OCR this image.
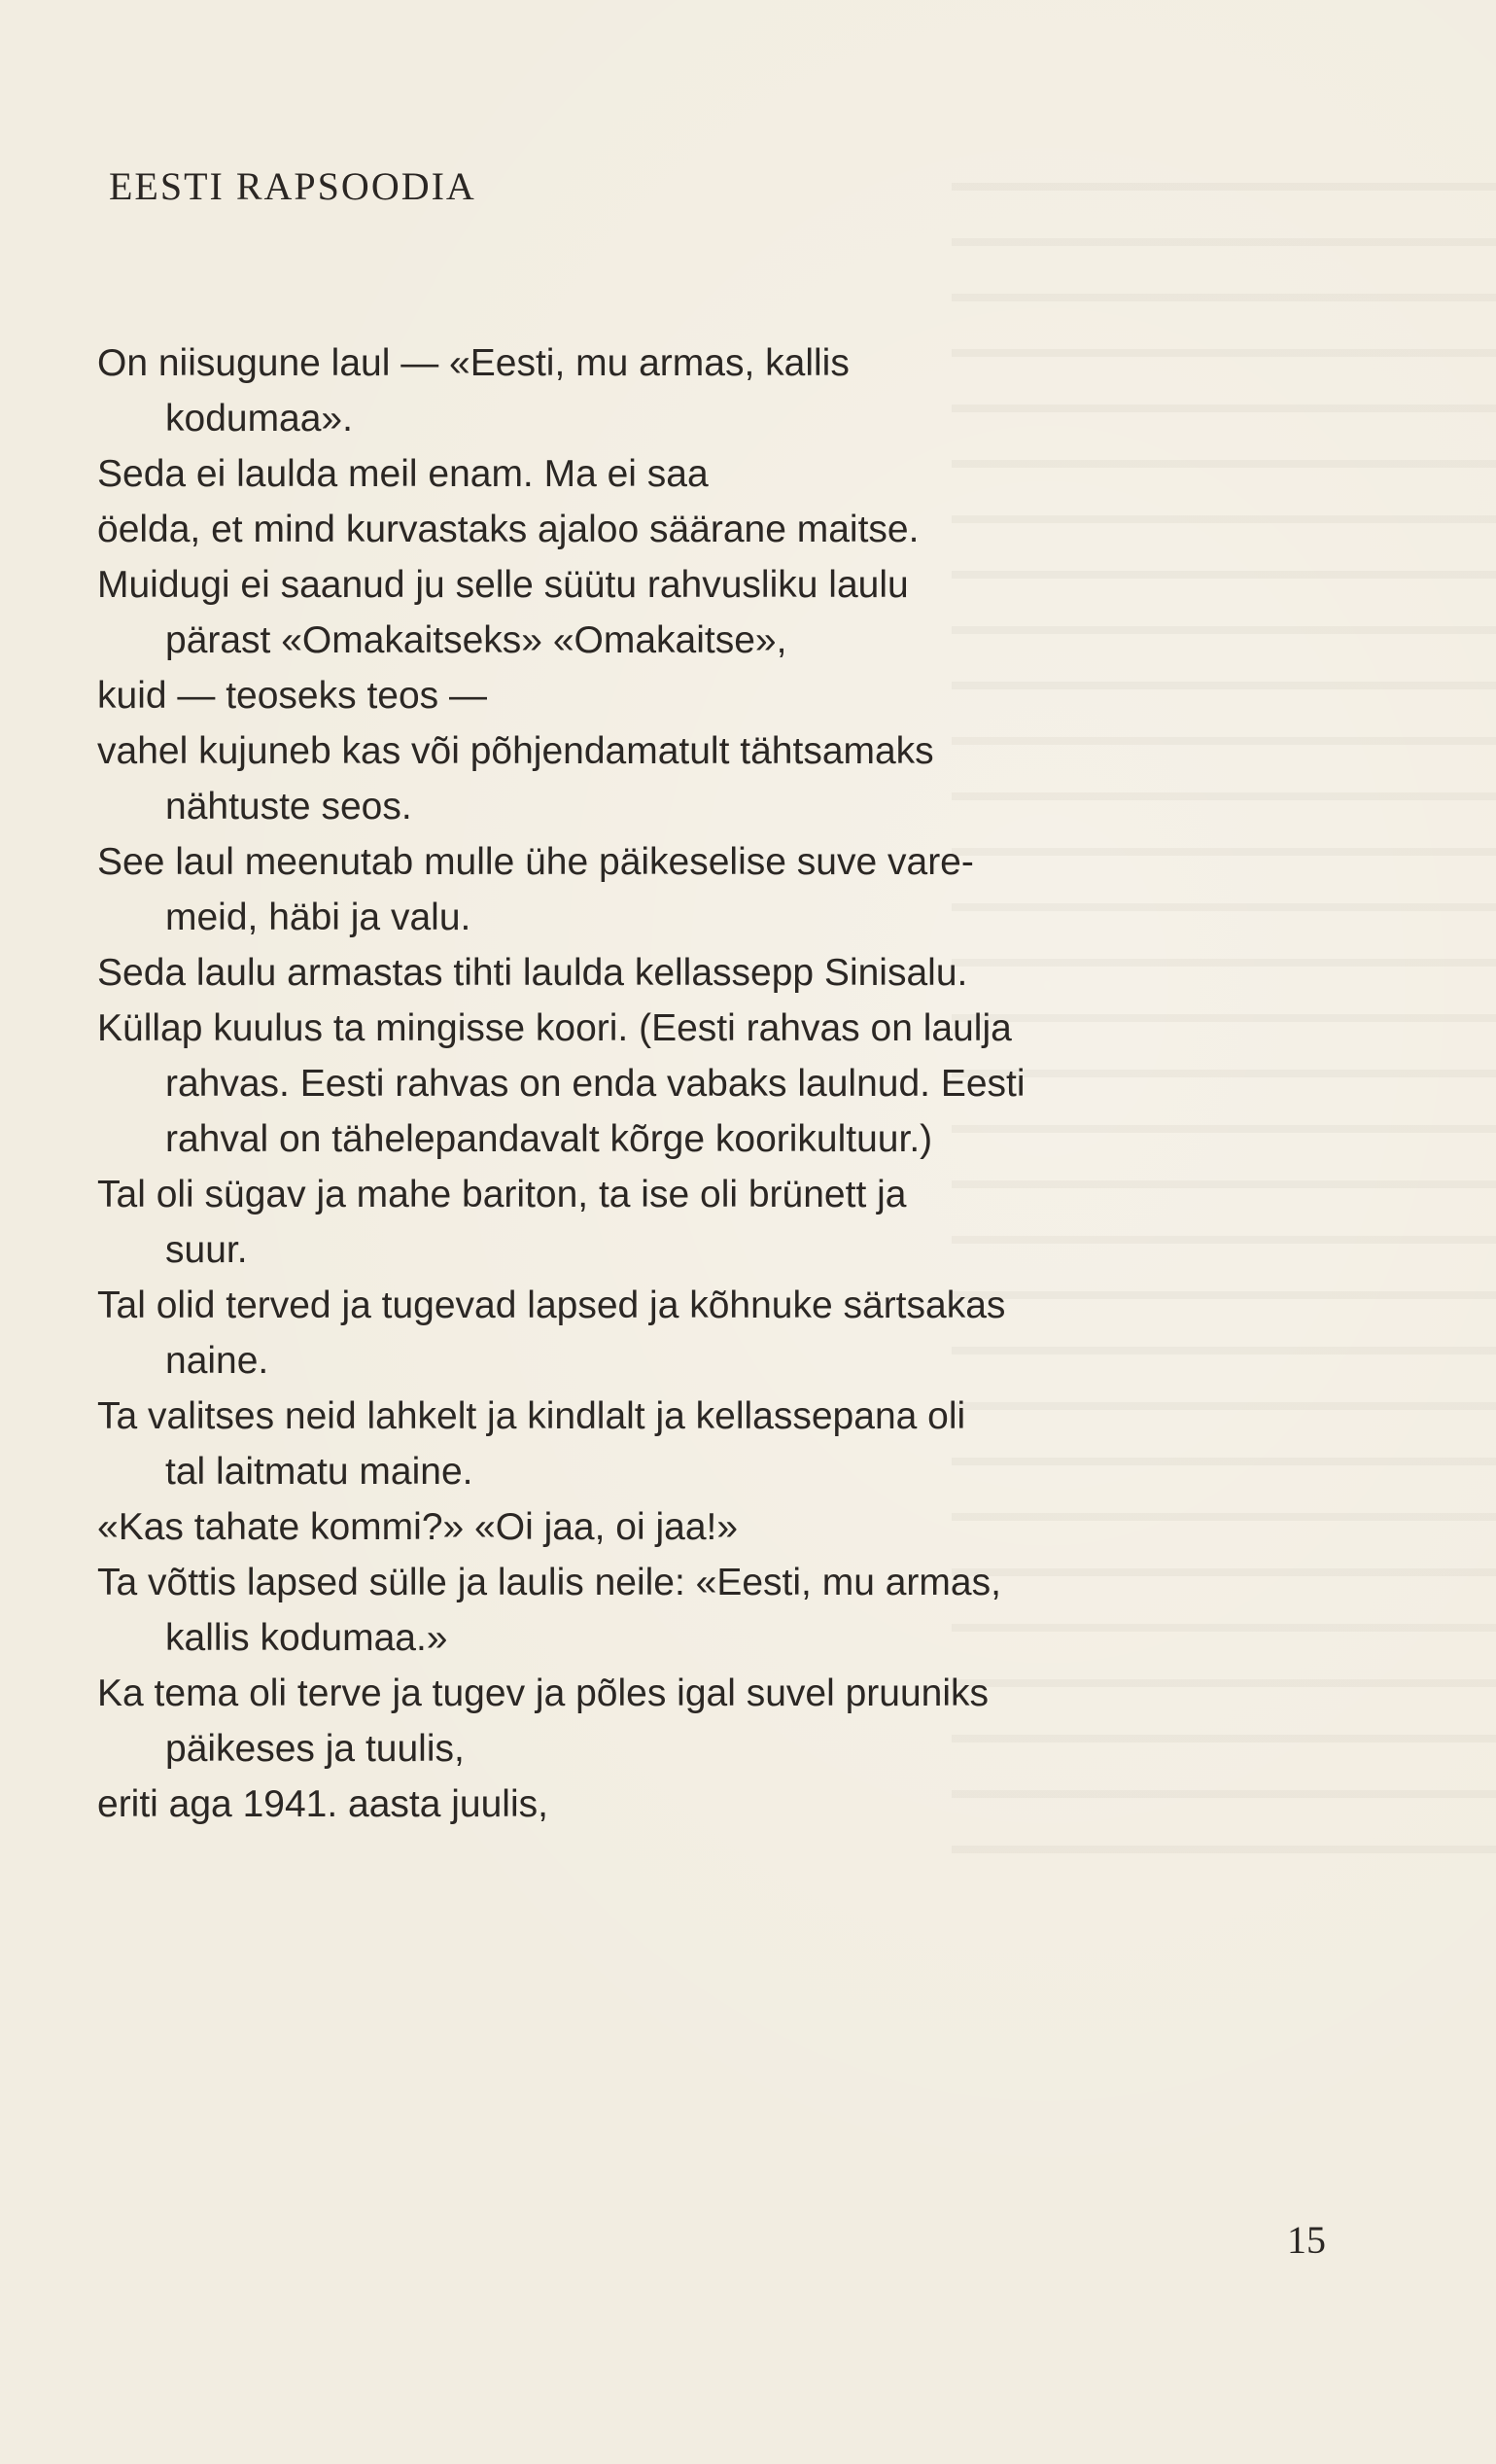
EESTI RAPSOODIA
On niisugune laul — «Eesti, mu armas, kallis
kodumaa».
Seda ei laulda meil enam. Ma ei saa
öelda, et mind kurvastaks ajaloo säärane maitse.
Muidugi ei saanud ju selle süütu rahvusliku laulu
pärast «Omakaitseks» «Omakaitse»,
kuid — teoseks teos —
vahel kujuneb kas või põhjendamatult tähtsamaks
nähtuste seos.
See laul meenutab mulle ühe päikeselise suve vare-
meid, häbi ja valu.
Seda laulu armastas tihti laulda kellassepp Sinisalu.
Küllap kuulus ta mingisse koori. (Eesti rahvas on laulja
rahvas. Eesti rahvas on enda vabaks laulnud. Eesti
rahval on tähelepandavalt kõrge koorikultuur.)
Tal oli sügav ja mahe bariton, ta ise oli brünett ja
suur.
Tal olid terved ja tugevad lapsed ja kõhnuke särtsakas
naine.
Ta valitses neid lahkelt ja kindlalt ja kellassepana oli
tal laitmatu maine.
«Kas tahate kommi?» «Oi jaa, oi jaa!»
Ta võttis lapsed sülle ja laulis neile: «Eesti, mu armas,
kallis kodumaa.»
Ka tema oli terve ja tugev ja põles igal suvel pruuniks
päikeses ja tuulis,
eriti aga 1941. aasta juulis,
15
